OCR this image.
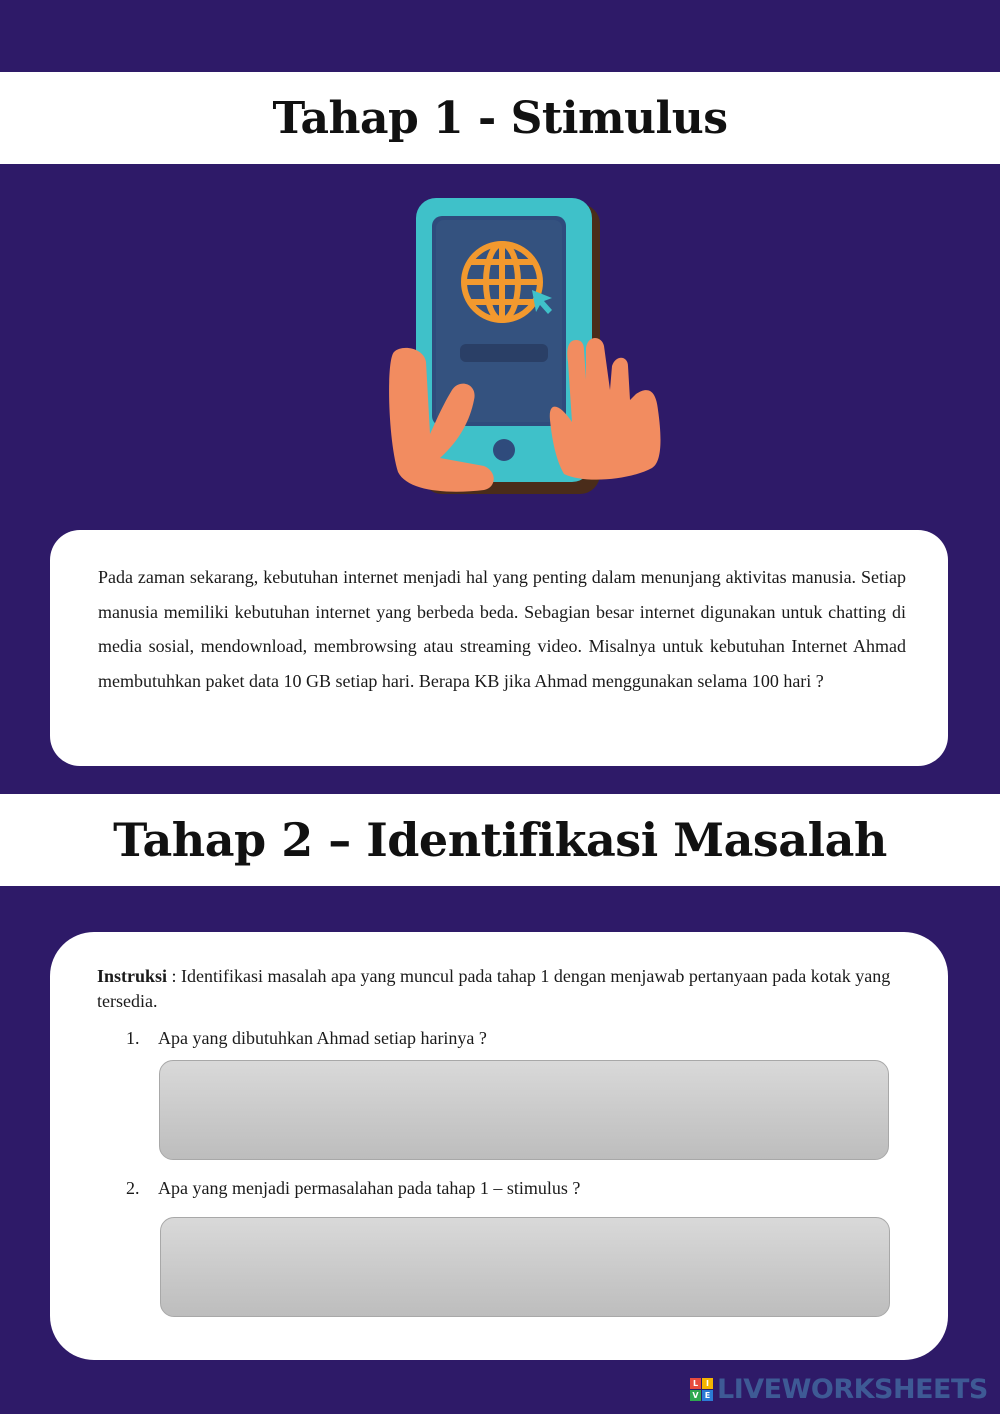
Tahap 1 - Stimulus

Pada zaman sekarang, kebutuhan internet menjadi hal yang penting dalam menunjang aktivitas manusia. Setiap manusia memiliki kebutuhan internet yang berbeda beda. Sebagian besar internet digunakan untuk chatting di media sosial, mendownload, membrowsing atau streaming video. Misalnya untuk kebutuhan Internet Ahmad membutuhkan paket data 10 GB setiap hari. Berapa KB jika Ahmad menggunakan selama 100 hari ?

Tahap 2 – Identifikasi Masalah
Instruksi : Identifikasi masalah apa yang muncul pada tahap 1 dengan menjawab pertanyaan pada kotak yang tersedia.
1. Apa yang dibutuhkan Ahmad setiap harinya ?
2. Apa yang menjadi permasalahan pada tahap 1 – stimulus ?
L I
V E LIVEWORKSHEETS
